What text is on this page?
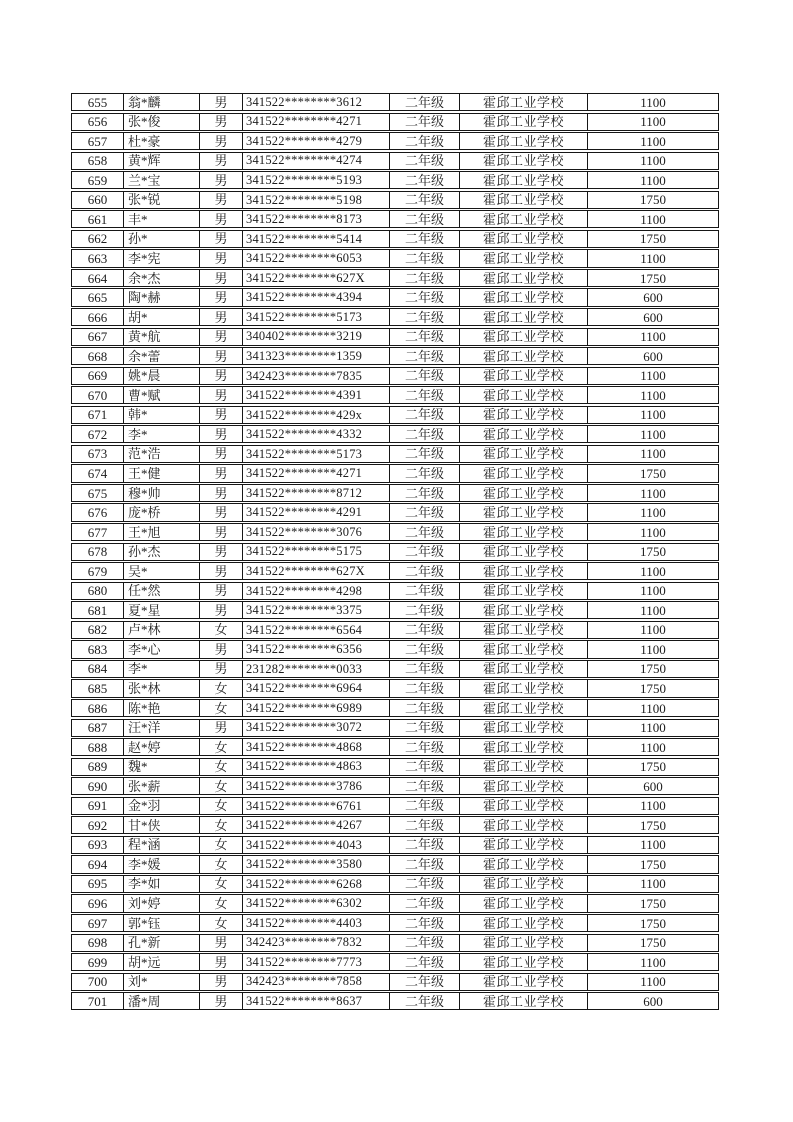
655	翁*麟	男	341522********3612	二年级	霍邱工业学校	1100
656	张*俊	男	341522********4271	二年级	霍邱工业学校	1100
657	杜*豪	男	341522********4279	二年级	霍邱工业学校	1100
658	黄*辉	男	341522********4274	二年级	霍邱工业学校	1100
659	兰*宝	男	341522********5193	二年级	霍邱工业学校	1100
660	张*锐	男	341522********5198	二年级	霍邱工业学校	1750
661	丰*	男	341522********8173	二年级	霍邱工业学校	1100
662	孙*	男	341522********5414	二年级	霍邱工业学校	1750
663	李*宪	男	341522********6053	二年级	霍邱工业学校	1100
664	余*杰	男	341522********627X	二年级	霍邱工业学校	1750
665	陶*赫	男	341522********4394	二年级	霍邱工业学校	600
666	胡*	男	341522********5173	二年级	霍邱工业学校	600
667	黄*航	男	340402********3219	二年级	霍邱工业学校	1100
668	余*蕾	男	341323********1359	二年级	霍邱工业学校	600
669	姚*晨	男	342423********7835	二年级	霍邱工业学校	1100
670	曹*赋	男	341522********4391	二年级	霍邱工业学校	1100
671	韩*	男	341522********429x	二年级	霍邱工业学校	1100
672	李*	男	341522********4332	二年级	霍邱工业学校	1100
673	范*浩	男	341522********5173	二年级	霍邱工业学校	1100
674	王*健	男	341522********4271	二年级	霍邱工业学校	1750
675	穆*帅	男	341522********8712	二年级	霍邱工业学校	1100
676	庞*桥	男	341522********4291	二年级	霍邱工业学校	1100
677	王*旭	男	341522********3076	二年级	霍邱工业学校	1100
678	孙*杰	男	341522********5175	二年级	霍邱工业学校	1750
679	吴*	男	341522********627X	二年级	霍邱工业学校	1100
680	任*然	男	341522********4298	二年级	霍邱工业学校	1100
681	夏*星	男	341522********3375	二年级	霍邱工业学校	1100
682	卢*林	女	341522********6564	二年级	霍邱工业学校	1100
683	李*心	男	341522********6356	二年级	霍邱工业学校	1100
684	李*	男	231282********0033	二年级	霍邱工业学校	1750
685	张*林	女	341522********6964	二年级	霍邱工业学校	1750
686	陈*艳	女	341522********6989	二年级	霍邱工业学校	1100
687	汪*洋	男	341522********3072	二年级	霍邱工业学校	1100
688	赵*婷	女	341522********4868	二年级	霍邱工业学校	1100
689	魏*	女	341522********4863	二年级	霍邱工业学校	1750
690	张*薪	女	341522********3786	二年级	霍邱工业学校	600
691	金*羽	女	341522********6761	二年级	霍邱工业学校	1100
692	甘*侠	女	341522********4267	二年级	霍邱工业学校	1750
693	程*涵	女	341522********4043	二年级	霍邱工业学校	1100
694	李*媛	女	341522********3580	二年级	霍邱工业学校	1750
695	李*如	女	341522********6268	二年级	霍邱工业学校	1100
696	刘*婷	女	341522********6302	二年级	霍邱工业学校	1750
697	郭*钰	女	341522********4403	二年级	霍邱工业学校	1750
698	孔*新	男	342423********7832	二年级	霍邱工业学校	1750
699	胡*远	男	341522********7773	二年级	霍邱工业学校	1100
700	刘*	男	342423********7858	二年级	霍邱工业学校	1100
701	潘*周	男	341522********8637	二年级	霍邱工业学校	600
